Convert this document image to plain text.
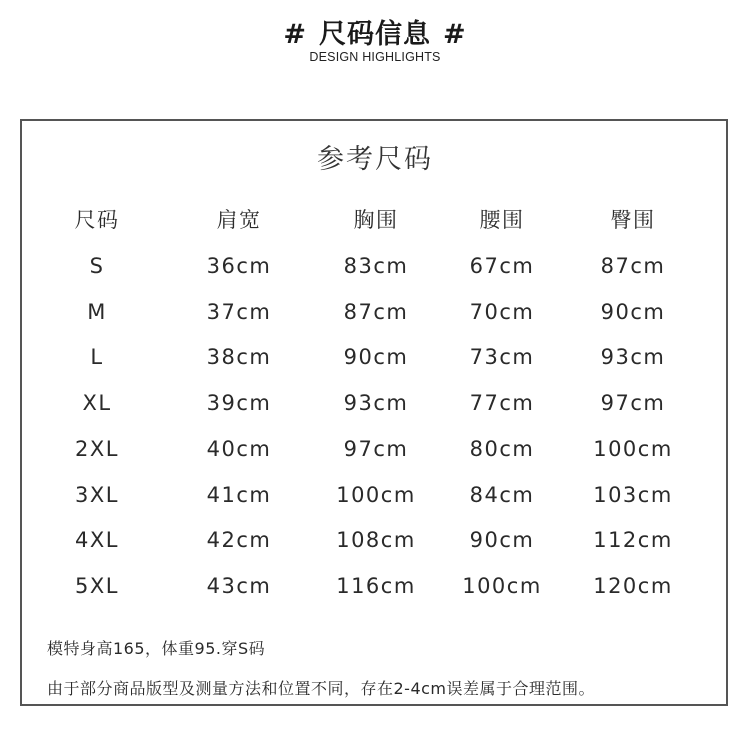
# 尺码信息 #
DESIGN HIGHLIGHTS
参考尺码
尺码	肩宽	胸围	腰围	臀围
S	36cm	83cm	67cm	87cm
M	37cm	87cm	70cm	90cm
L	38cm	90cm	73cm	93cm
XL	39cm	93cm	77cm	97cm
2XL	40cm	97cm	80cm	100cm
3XL	41cm	100cm	84cm	103cm
4XL	42cm	108cm	90cm	112cm
5XL	43cm	116cm	100cm	120cm
模特身高165，体重95.穿S码
由于部分商品版型及测量方法和位置不同，存在2-4cm误差属于合理范围。
